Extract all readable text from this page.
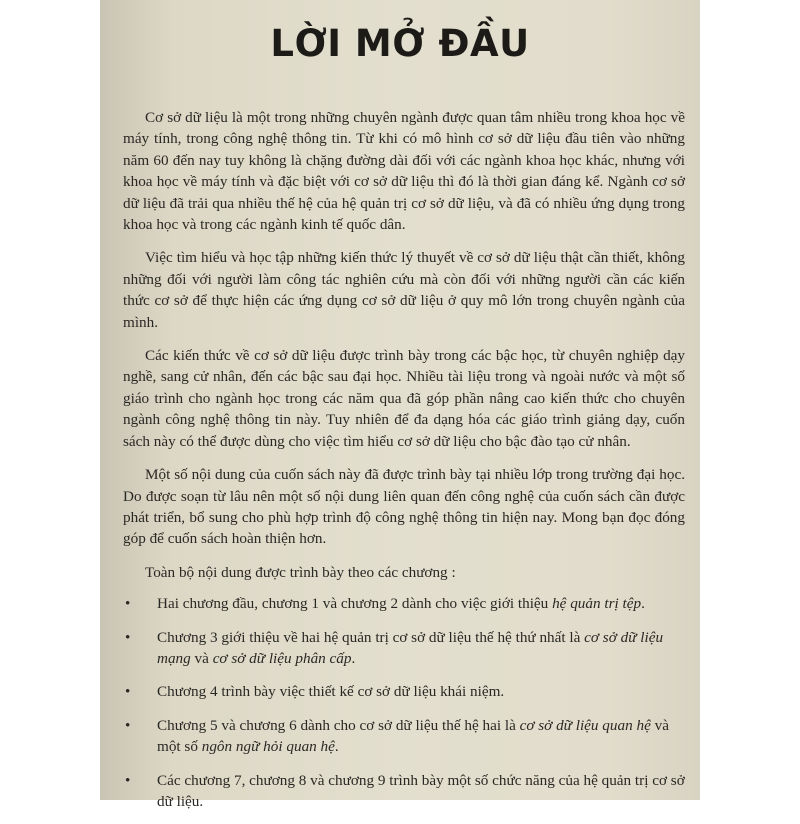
LỜI MỞ ĐẦU

Cơ sở dữ liệu là một trong những chuyên ngành được quan tâm nhiều trong khoa học về máy tính, trong công nghệ thông tin. Từ khi có mô hình cơ sở dữ liệu đầu tiên vào những năm 60 đến nay tuy không là chặng đường dài đối với các ngành khoa học khác, nhưng với khoa học về máy tính và đặc biệt với cơ sở dữ liệu thì đó là thời gian đáng kể. Ngành cơ sở dữ liệu đã trải qua nhiều thế hệ của hệ quản trị cơ sở dữ liệu, và đã có nhiều ứng dụng trong khoa học và trong các ngành kinh tế quốc dân.

Việc tìm hiểu và học tập những kiến thức lý thuyết về cơ sở dữ liệu thật cần thiết, không những đối với người làm công tác nghiên cứu mà còn đối với những người cần các kiến thức cơ sở để thực hiện các ứng dụng cơ sở dữ liệu ở quy mô lớn trong chuyên ngành của mình.

Các kiến thức về cơ sở dữ liệu được trình bày trong các bậc học, từ chuyên nghiệp dạy nghề, sang cử nhân, đến các bậc sau đại học. Nhiều tài liệu trong và ngoài nước và một số giáo trình cho ngành học trong các năm qua đã góp phần nâng cao kiến thức cho chuyên ngành công nghệ thông tin này. Tuy nhiên để đa dạng hóa các giáo trình giảng dạy, cuốn sách này có thể được dùng cho việc tìm hiểu cơ sở dữ liệu cho bậc đào tạo cử nhân.

Một số nội dung của cuốn sách này đã được trình bày tại nhiều lớp trong trường đại học. Do được soạn từ lâu nên một số nội dung liên quan đến công nghệ của cuốn sách cần được phát triển, bổ sung cho phù hợp trình độ công nghệ thông tin hiện nay. Mong bạn đọc đóng góp để cuốn sách hoàn thiện hơn.

Toàn bộ nội dung được trình bày theo các chương :

• Hai chương đầu, chương 1 và chương 2 dành cho việc giới thiệu hệ quản trị tệp.
• Chương 3 giới thiệu về hai hệ quản trị cơ sở dữ liệu thế hệ thứ nhất là cơ sở dữ liệu mạng và cơ sở dữ liệu phân cấp.
• Chương 4 trình bày việc thiết kế cơ sở dữ liệu khái niệm.
• Chương 5 và chương 6 dành cho cơ sở dữ liệu thế hệ hai là cơ sở dữ liệu quan hệ và một số ngôn ngữ hỏi quan hệ.
• Các chương 7, chương 8 và chương 9 trình bày một số chức năng của hệ quản trị cơ sở dữ liệu.
